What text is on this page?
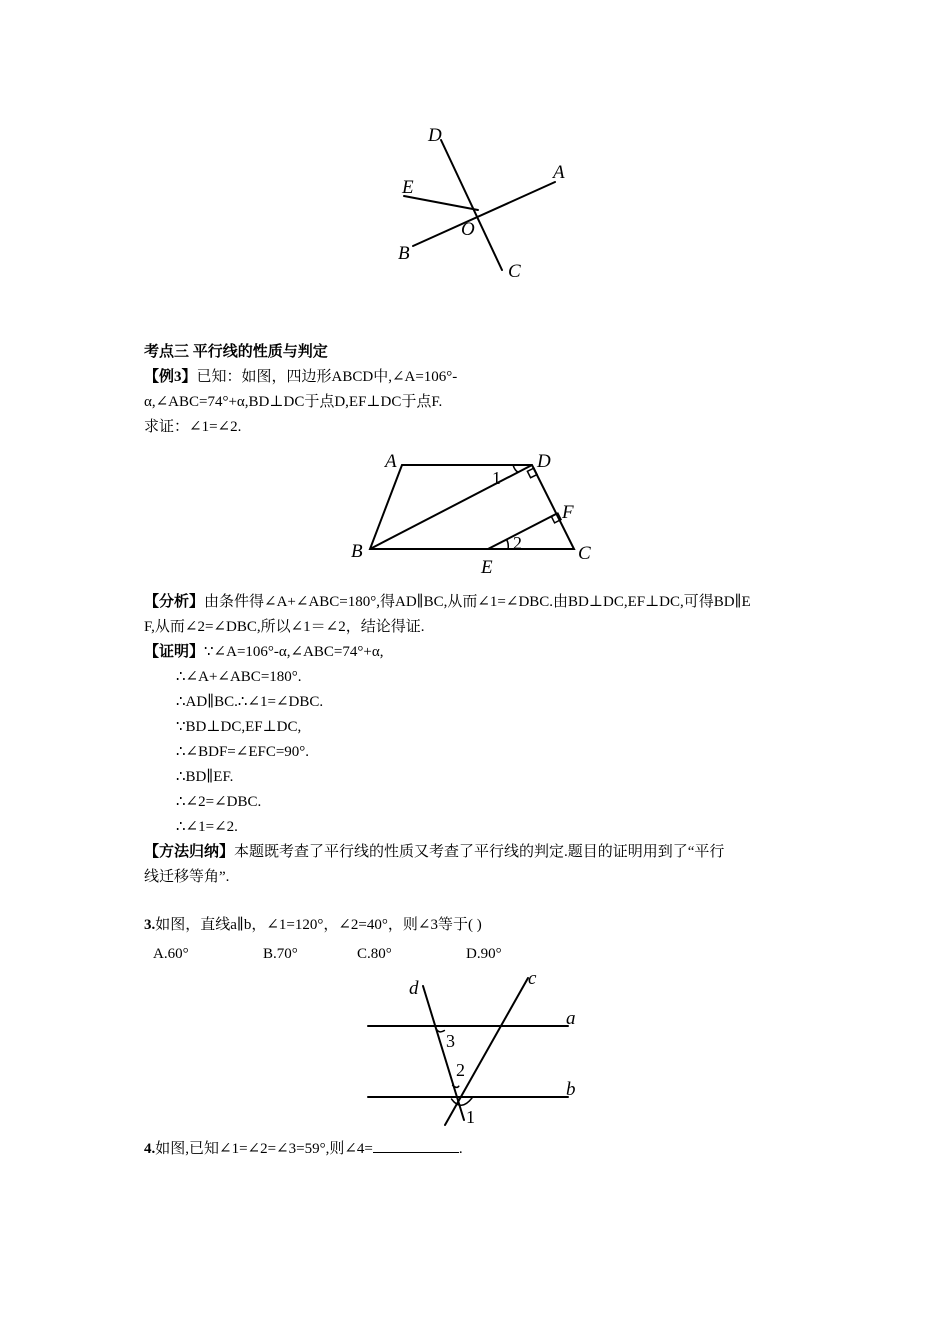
D
E
A
O
B
C
考点三 平行线的性质与判定
【例3】已知：如图，四边形ABCD中,∠A=106°-
α,∠ABC=74°+α,BD⊥DC于点D,EF⊥DC于点F.
求证：∠1=∠2.
A	D
F
B
E
C
1
2
【分析】由条件得∠A+∠ABC=180°,得AD∥BC,从而∠1=∠DBC.由BD⊥DC,EF⊥DC,可得BD∥E
F,从而∠2=∠DBC,所以∠1＝∠2，结论得证.
【证明】∵∠A=106°-α,∠ABC=74°+α,
∴∠A+∠ABC=180°.
∴AD∥BC.∴∠1=∠DBC.
∵BD⊥DC,EF⊥DC,
∴∠BDF=∠EFC=90°.
∴BD∥EF.
∴∠2=∠DBC.
∴∠1=∠2.
【方法归纳】本题既考查了平行线的性质又考查了平行线的判定.题目的证明用到了“平行
线迁移等角”.
3.如图，直线a∥b，∠1=120°，∠2=40°，则∠3等于( )
A.60°	B.70°	C.80°	D.90°
d	c
a
b
3
2
1
4.如图,已知∠1=∠2=∠3=59°,则∠4=	.
